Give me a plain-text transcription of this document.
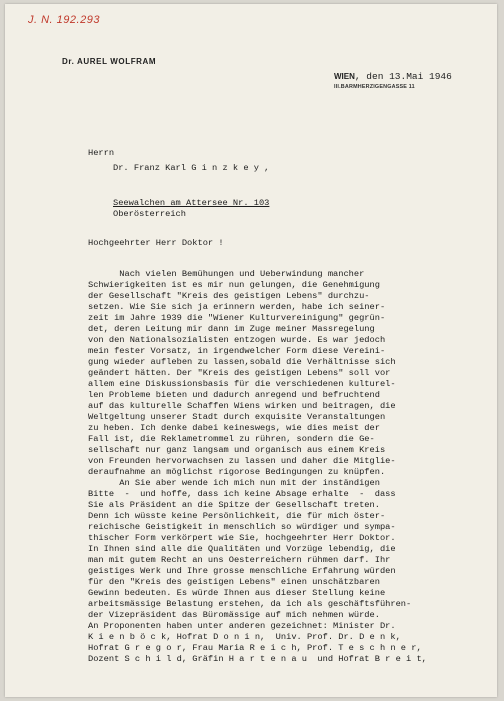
J. N. 192.293
Dr. AUREL WOLFRAM
WIEN, den 13.Mai 1946
III.BARMHERZIGENGASSE 11
Herrn
Dr. Franz Karl G i n z k e y ,
Seewalchen am Attersee Nr. 103
Oberösterreich
Hochgeehrter Herr Doktor !
Nach vielen Bemühungen und Ueberwindung mancher
Schwierigkeiten ist es mir nun gelungen, die Genehmigung
der Gesellschaft "Kreis des geistigen Lebens" durchzu-
setzen. Wie Sie sich ja erinnern werden, habe ich seiner-
zeit im Jahre 1939 die "Wiener Kulturvereinigung" gegrün-
det, deren Leitung mir dann im Zuge meiner Massregelung
von den Nationalsozialisten entzogen wurde. Es war jedoch
mein fester Vorsatz, in irgendwelcher Form diese Vereini-
gung wieder aufleben zu lassen,sobald die Verhältnisse sich
geändert hätten. Der "Kreis des geistigen Lebens" soll vor
allem eine Diskussionsbasis für die verschiedenen kulturel-
len Probleme bieten und dadurch anregend und befruchtend
auf das kulturelle Schaffen Wiens wirken und beitragen, die
Weltgeltung unserer Stadt durch exquisite Veranstaltungen
zu heben. Ich denke dabei keineswegs, wie dies meist der
Fall ist, die Reklametrommel zu rühren, sondern die Ge-
sellschaft nur ganz langsam und organisch aus einem Kreis
von Freunden hervorwachsen zu lassen und daher die Mitglie-
deraufnahme an möglichst rigorose Bedingungen zu knüpfen.
An Sie aber wende ich mich nun mit der inständigen
Bitte  -  und hoffe, dass ich keine Absage erhalte  -  dass
Sie als Präsident an die Spitze der Gesellschaft treten.
Denn ich wüsste keine Persönlichkeit, die für mich öster-
reichische Geistigkeit in menschlich so würdiger und sympa-
thischer Form verkörpert wie Sie, hochgeehrter Herr Doktor.
In Ihnen sind alle die Qualitäten und Vorzüge lebendig, die
man mit gutem Recht an uns Oesterreichern rühmen darf. Ihr
geistiges Werk und Ihre grosse menschliche Erfahrung würden
für den "Kreis des geistigen Lebens" einen unschätzbaren
Gewinn bedeuten. Es würde Ihnen aus dieser Stellung keine
arbeitsmässige Belastung erstehen, da ich als geschäftsführen-
der Vizepräsident das Büromässige auf mich nehmen würde.
An Proponenten haben unter anderen gezeichnet: Minister Dr.
K i e n b ö c k, Hofrat D o n i n,  Univ. Prof. Dr. D e n k,
Hofrat G r e g o r, Frau Maria R e i c h, Prof. T e s c h n e r,
Dozent S c h i l d, Gräfin H a r t e n a u  und Hofrat B r e i t,
